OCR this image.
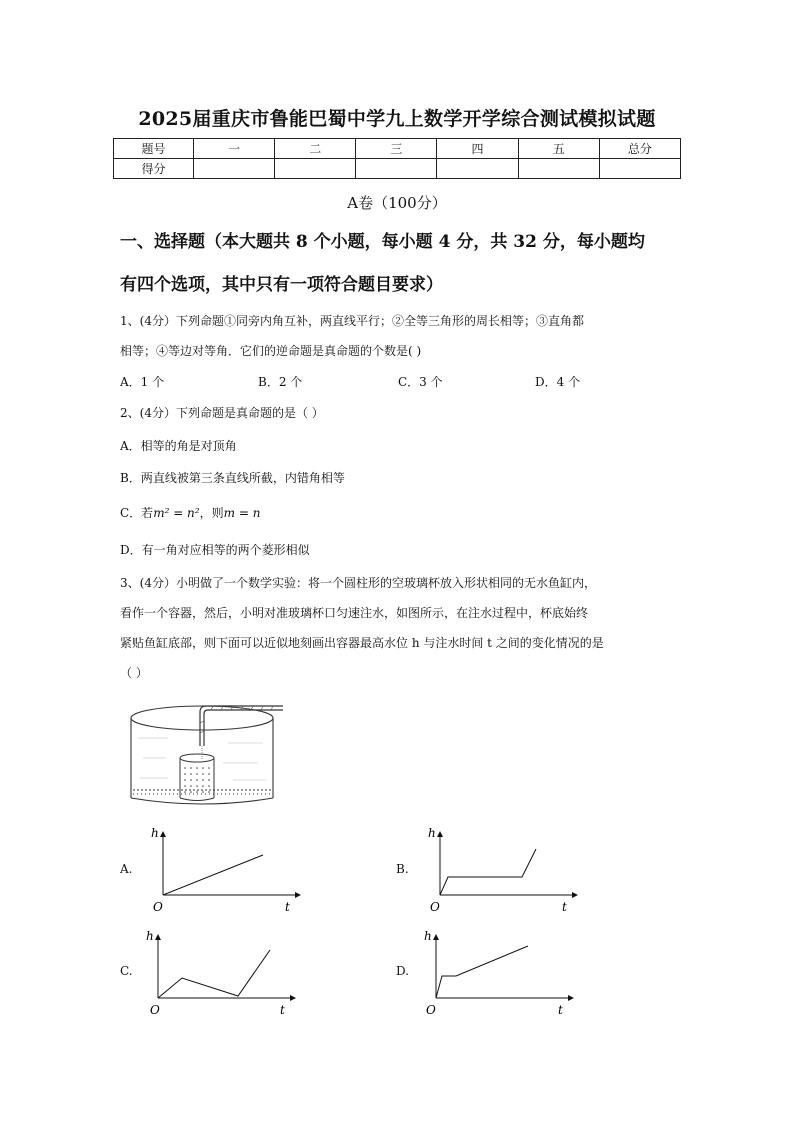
2025届重庆市鲁能巴蜀中学九上数学开学综合测试模拟试题
题号	一	二	三	四	五	总分
得分						
A卷（100分）
一、选择题（本大题共 8 个小题，每小题 4 分，共 32 分，每小题均
有四个选项，其中只有一项符合题目要求）
1、(4分）下列命题①同旁内角互补，两直线平行；②全等三角形的周长相等；③直角都
相等；④等边对等角．它们的逆命题是真命题的个数是( )
A．1 个	B．2 个	C．3 个	D．4 个
2、(4分）下列命题是真命题的是（ ）
A．相等的角是对顶角
B．两直线被第三条直线所截，内错角相等
C．若m² = n²，则m = n
D．有一角对应相等的两个菱形相似
3、(4分）小明做了一个数学实验：将一个圆柱形的空玻璃杯放入形状相同的无水鱼缸内，
看作一个容器，然后，小明对准玻璃杯口匀速注水，如图所示，在注水过程中，杯底始终
紧贴鱼缸底部，则下面可以近似地刻画出容器最高水位 h 与注水时间 t 之间的变化情况的是
（ ）
A.
h
t
O
B.
h
t
O
C.
h
t
O
D.
h
t
O
